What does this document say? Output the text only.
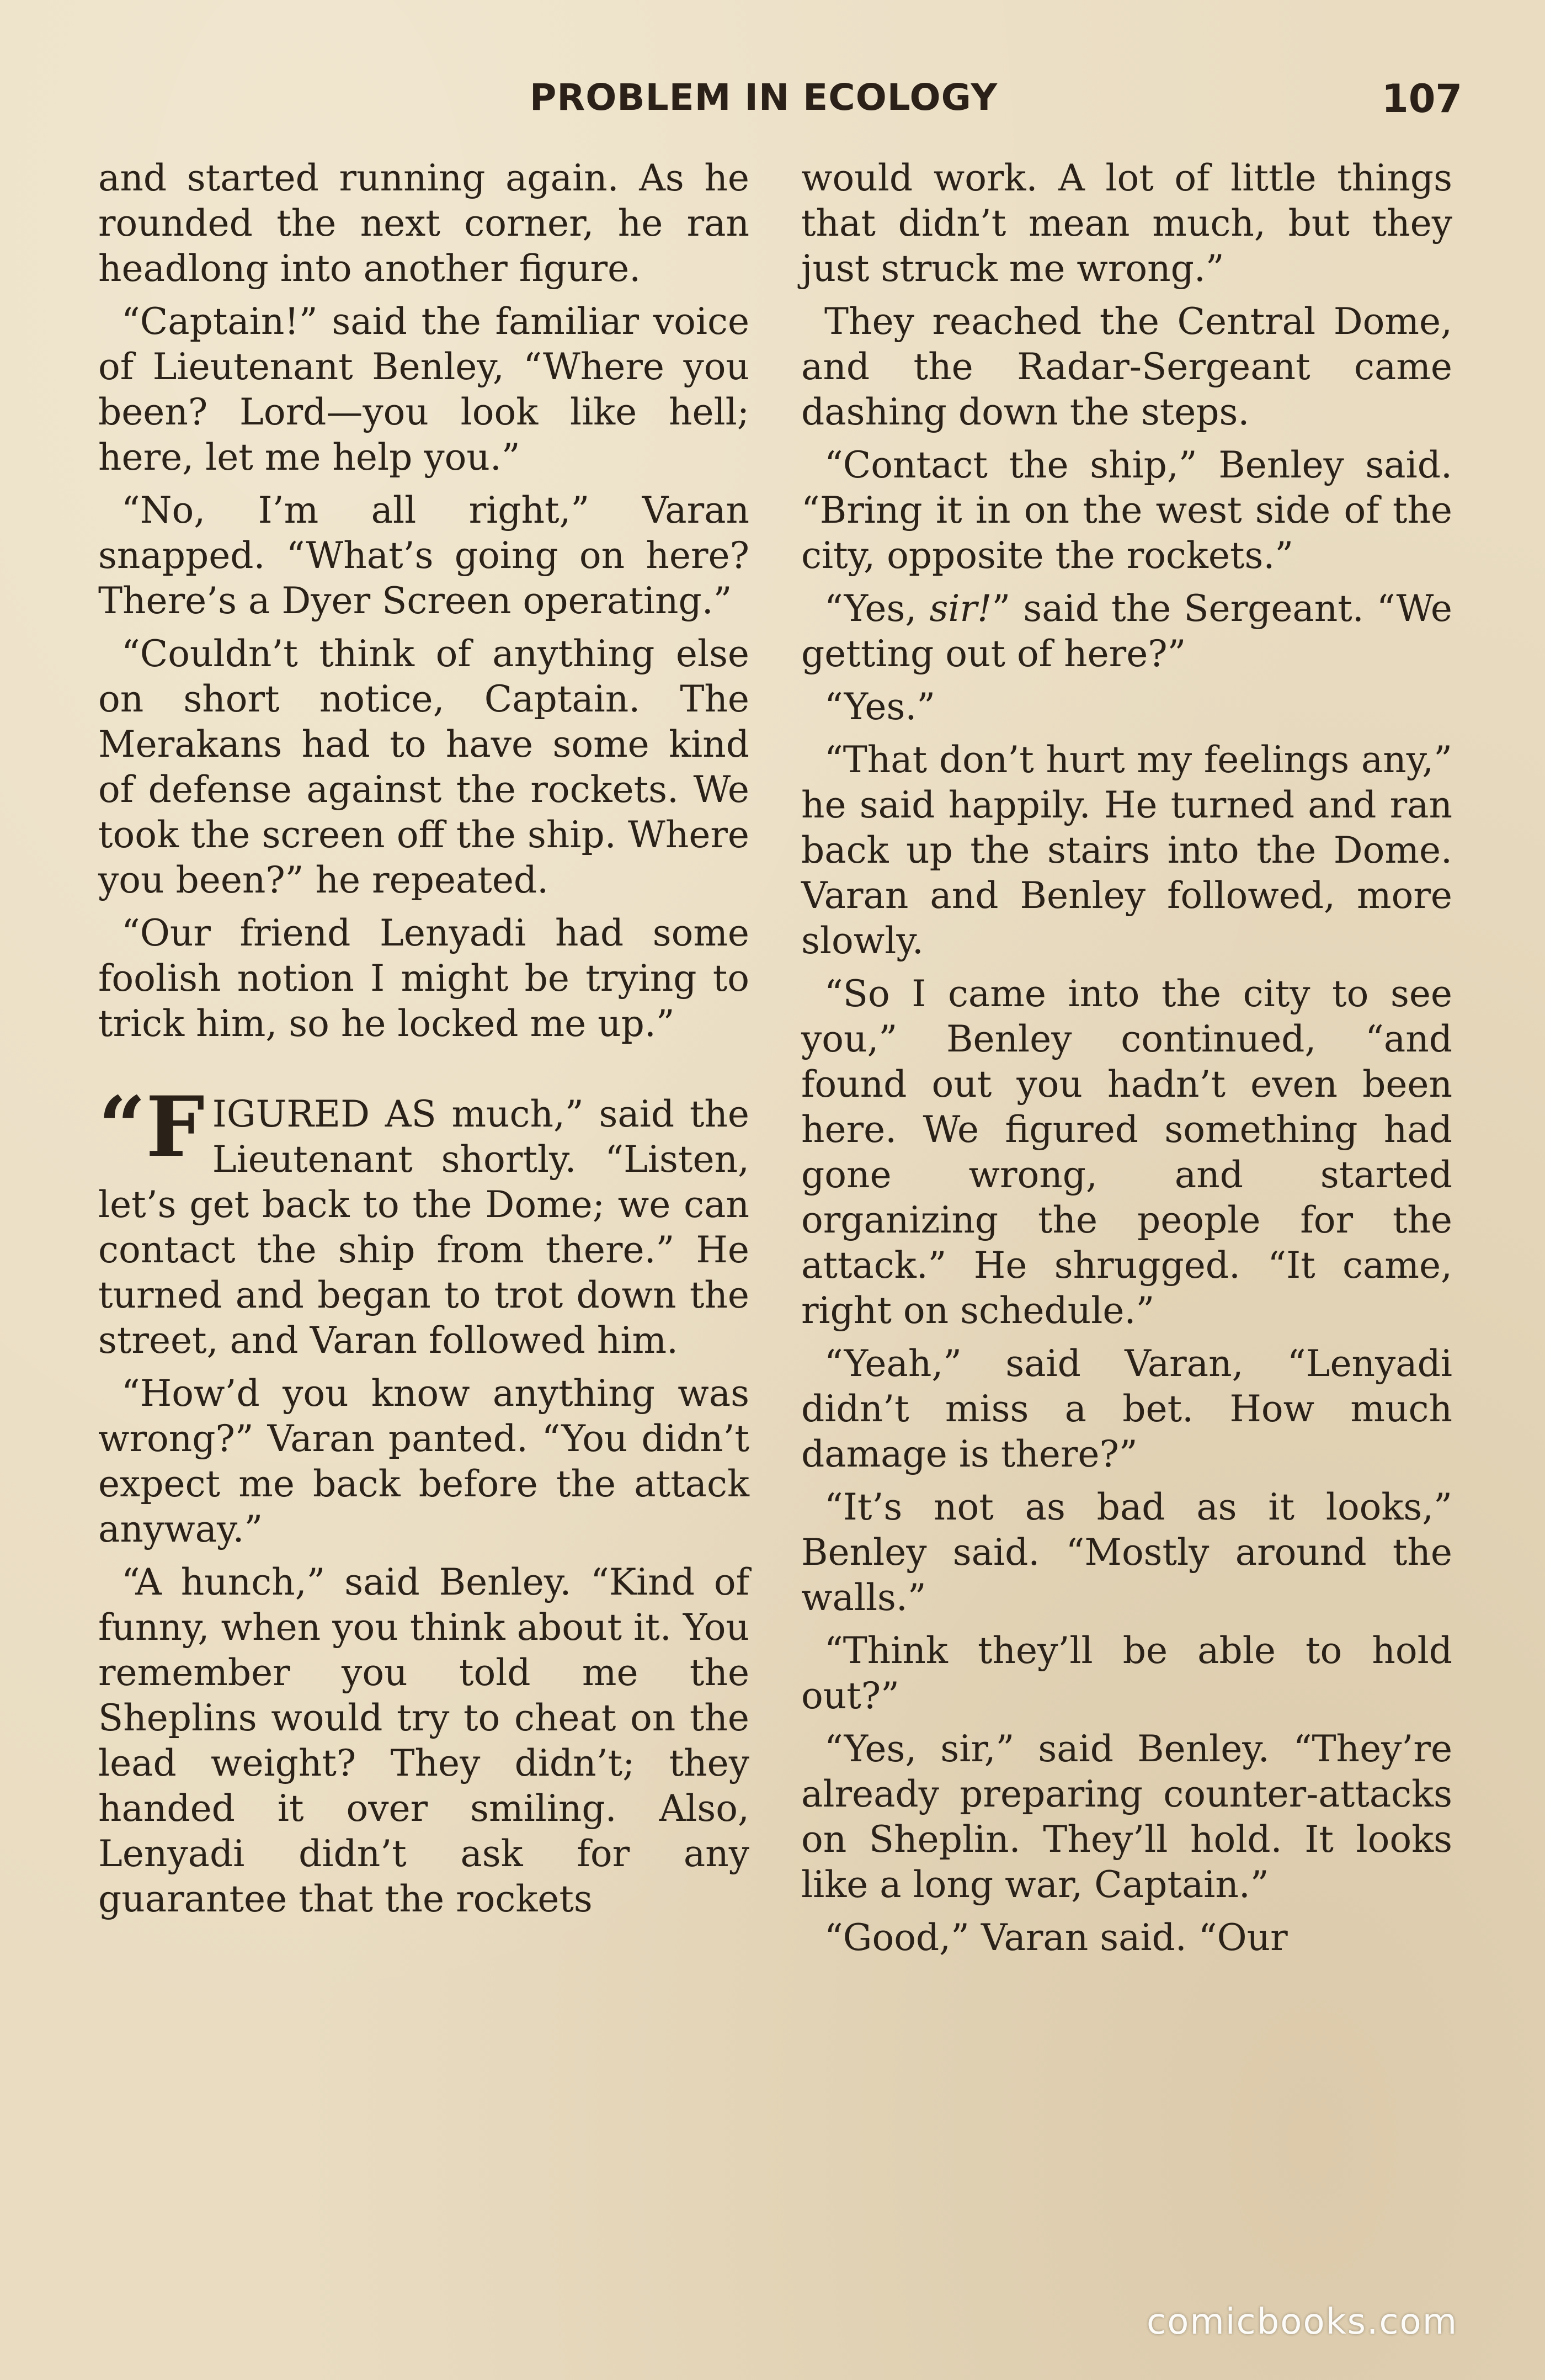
PROBLEM IN ECOLOGY	107

and started running again. As he rounded the next corner, he ran headlong into another figure.

“Captain!” said the familiar voice of Lieutenant Benley, “Where you been? Lord—you look like hell; here, let me help you.”

“No, I’m all right,” Varan snapped. “What’s going on here? There’s a Dyer Screen operating.”

“Couldn’t think of anything else on short notice, Captain. The Merakans had to have some kind of defense against the rockets. We took the screen off the ship. Where you been?” he repeated.

“Our friend Lenyadi had some foolish notion I might be trying to trick him, so he locked me up.”

“F IGURED AS much,” said the Lieutenant shortly. “Listen, let’s get back to the Dome; we can contact the ship from there.” He turned and began to trot down the street, and Varan followed him.

“How’d you know anything was wrong?” Varan panted. “You didn’t expect me back before the attack anyway.”

“A hunch,” said Benley. “Kind of funny, when you think about it. You remember you told me the Sheplins would try to cheat on the lead weight? They didn’t; they handed it over smiling. Also, Lenyadi didn’t ask for any guarantee that the rockets

would work. A lot of little things that didn’t mean much, but they just struck me wrong.”

They reached the Central Dome, and the Radar-Sergeant came dashing down the steps.

“Contact the ship,” Benley said. “Bring it in on the west side of the city, opposite the rockets.”

“Yes, sir!” said the Sergeant. “We getting out of here?”

“Yes.”

“That don’t hurt my feelings any,” he said happily. He turned and ran back up the stairs into the Dome. Varan and Benley followed, more slowly.

“So I came into the city to see you,” Benley continued, “and found out you hadn’t even been here. We figured something had gone wrong, and started organizing the people for the attack.” He shrugged. “It came, right on schedule.”

“Yeah,” said Varan, “Lenyadi didn’t miss a bet. How much damage is there?”

“It’s not as bad as it looks,” Benley said. “Mostly around the walls.”

“Think they’ll be able to hold out?”

“Yes, sir,” said Benley. “They’re already preparing counter-attacks on Sheplin. They’ll hold. It looks like a long war, Captain.”

“Good,” Varan said. “Our

comicbooks.com
